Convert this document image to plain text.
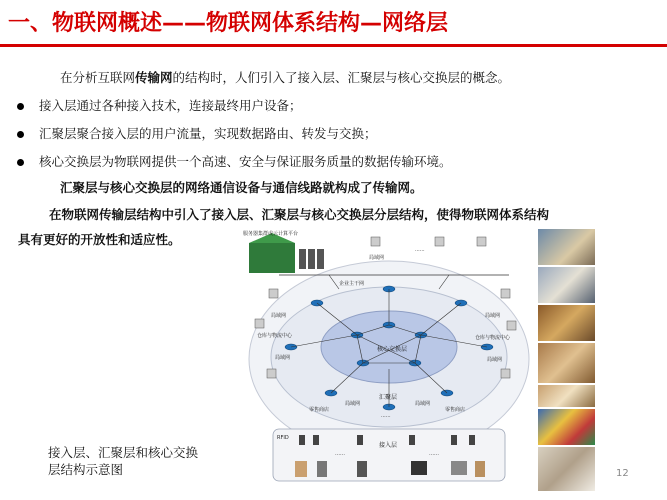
一、物联网概述——物联网体系结构—网络层
在分析互联网传输网的结构时，人们引入了接入层、汇聚层与核心交换层的概念。
接入层通过各种接入技术，连接最终用户设备；
汇聚层聚合接入层的用户流量，实现数据路由、转发与交换；
核心交换层为物联网提供一个高速、安全与保证服务质量的数据传输环境。
汇聚层与核心交换层的网络通信设备与通信线路就构成了传输网。
在物联网传输层结构中引入了接入层、汇聚层与核心交换层分层结构，使得物联网体系结构
具有更好的开放性和适应性。	服务器集群或云计算平台
企业主干网
局域网
......
核心交换层
汇聚层
......
局域网	局域网
仓库与物流中心	仓库与物流中心
局域网	局域网
零售商店
局域网	局域网
零售商店
接入层
RFID
……	……
接入层、汇聚层和核心交换
层结构示意图	12
